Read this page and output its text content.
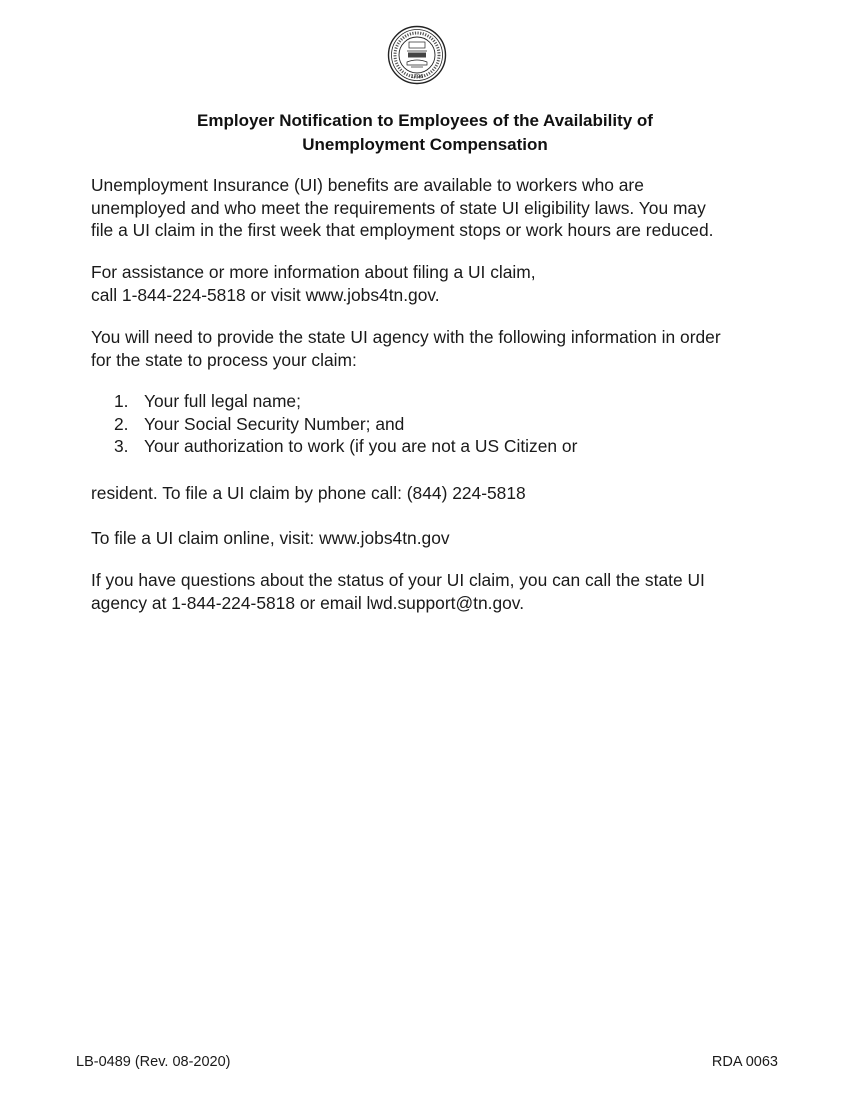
1796
Employer Notification to Employees of the Availability of
Unemployment Compensation

Unemployment Insurance (UI) benefits are available to workers who are

unemployed and who meet the requirements of state UI eligibility laws. You may

file a UI claim in the first week that employment stops or work hours are reduced.

For assistance or more information about filing a UI claim,

call 1-844-224-5818 or visit www.jobs4tn.gov.

You will need to provide the state UI agency with the following information in order

for the state to process your claim:

1. Your full legal name;
2. Your Social Security Number; and
3. Your authorization to work (if you are not a US Citizen or

resident. To file a UI claim by phone call: (844) 224-5818

To file a UI claim online, visit: www.jobs4tn.gov

If you have questions about the status of your UI claim, you can call the state UI

agency at 1-844-224-5818 or email lwd.support@tn.gov.

LB-0489 (Rev. 08-2020)	RDA 0063
